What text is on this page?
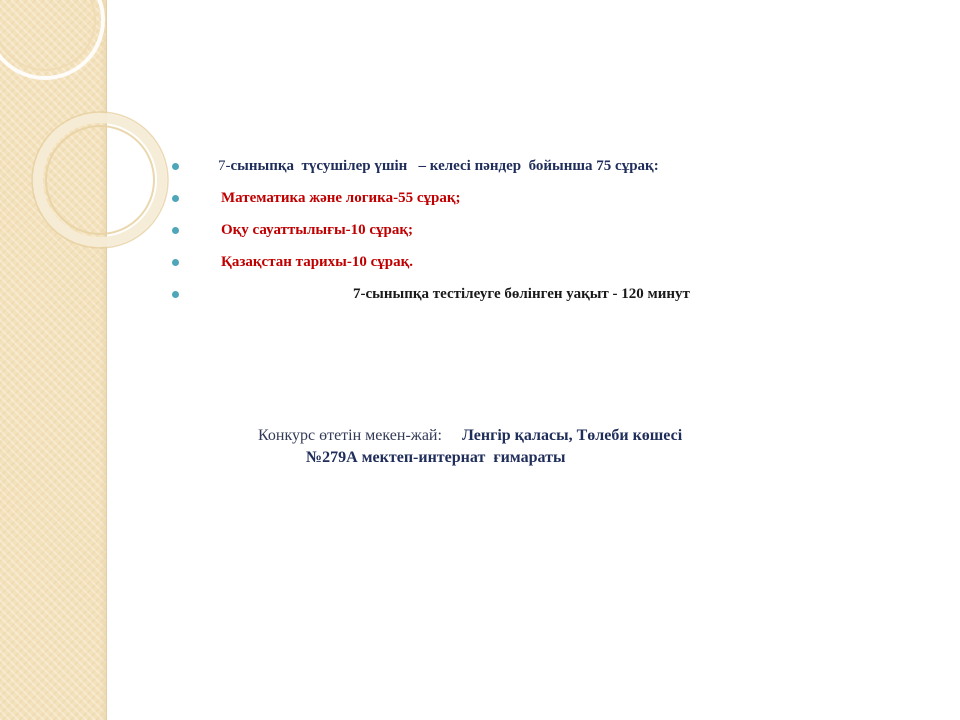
7-сыныпқа  түсушілер үшін   – келесі пәндер  бойынша 75 сұрақ:
Математика және логика-55 сұрақ;
Оқу сауаттылығы-10 сұрақ;
Қазақстан тарихы-10 сұрақ.
7-сыныпқа тестілеуге бөлінген уақыт - 120 минут
Конкурс өтетін мекен-жай: Ленгір қаласы, Төлеби көшесі
№279А мектеп-интернат  ғимараты
